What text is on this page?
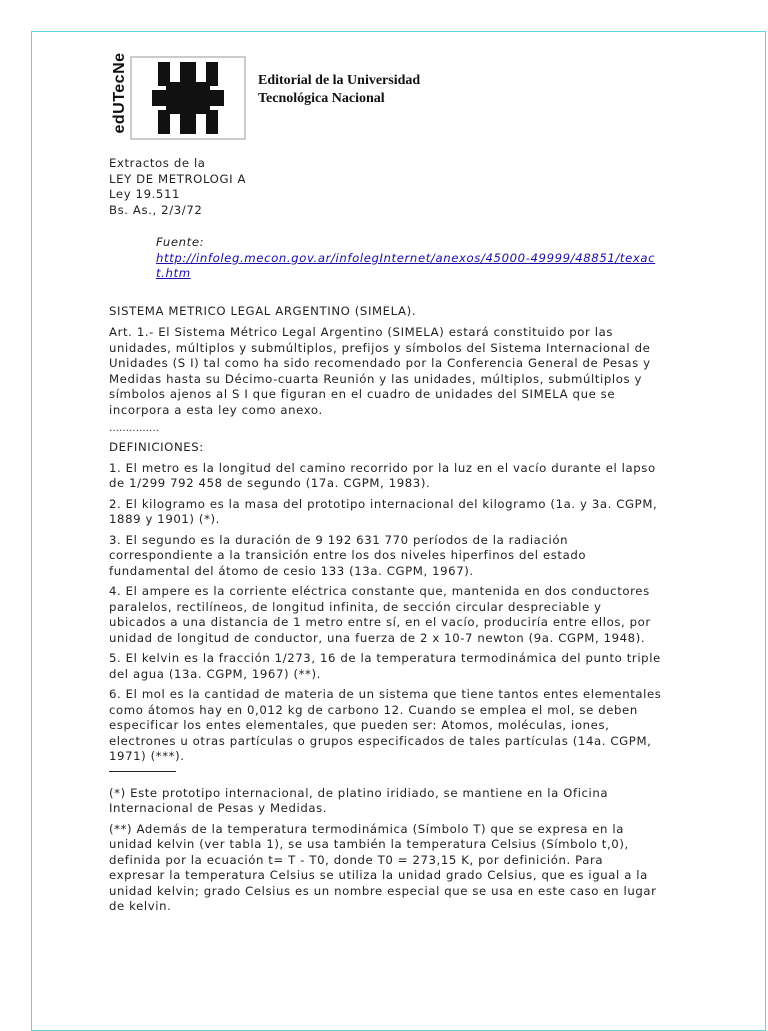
edUTecNe	Editorial de la Universidad
Tecnológica Nacional

Extractos de la

LEY DE METROLOGI A

Ley 19.511

Bs. As., 2/3/72

Fuente:
http://infoleg.mecon.gov.ar/infolegInternet/anexos/45000-49999/48851/texact.htm

SISTEMA METRICO LEGAL ARGENTINO (SIMELA).

Art. 1.- El Sistema Métrico Legal Argentino (SIMELA) estará constituido por las unidades, múltiplos y submúltiplos, prefijos y símbolos del Sistema Internacional de Unidades (S I) tal como ha sido recomendado por la Conferencia General de Pesas y Medidas hasta su Décimo-cuarta Reunión y las unidades, múltiplos, submúltiplos y símbolos ajenos al S I que figuran en el cuadro de unidades del SIMELA que se incorpora a esta ley como anexo.

……………

DEFINICIONES:

1. El metro es la longitud del camino recorrido por la luz en el vacío durante el lapso de 1/299 792 458 de segundo (17a. CGPM, 1983).

2. El kilogramo es la masa del prototipo internacional del kilogramo (1a. y 3a. CGPM, 1889 y 1901) (*).

3. El segundo es la duración de 9 192 631 770 períodos de la radiación correspondiente a la transición entre los dos niveles hiperfinos del estado fundamental del átomo de cesio 133 (13a. CGPM, 1967).

4. El ampere es la corriente eléctrica constante que, mantenida en dos conductores paralelos, rectilíneos, de longitud infinita, de sección circular despreciable y ubicados a una distancia de 1 metro entre sí, en el vacío, produciría entre ellos, por unidad de longitud de conductor, una fuerza de 2 x 10-7 newton (9a. CGPM, 1948).

5. El kelvin es la fracción 1/273, 16 de la temperatura termodinámica del punto triple del agua (13a. CGPM, 1967) (**).

6. El mol es la cantidad de materia de un sistema que tiene tantos entes elementales como átomos hay en 0,012 kg de carbono 12. Cuando se emplea el mol, se deben especificar los entes elementales, que pueden ser: Atomos, moléculas, iones, electrones u otras partículas o grupos especificados de tales partículas (14a. CGPM, 1971) (***).

(*) Este prototipo internacional, de platino iridiado, se mantiene en la Oficina Internacional de Pesas y Medidas.

(**) Además de la temperatura termodinámica (Símbolo T) que se expresa en la unidad kelvin (ver tabla 1), se usa también la temperatura Celsius (Símbolo t,0), definida por la ecuación t= T - T0, donde T0 = 273,15 K, por definición. Para expresar la temperatura Celsius se utiliza la unidad grado Celsius, que es igual a la unidad kelvin; grado Celsius es un nombre especial que se usa en este caso en lugar de kelvin.
